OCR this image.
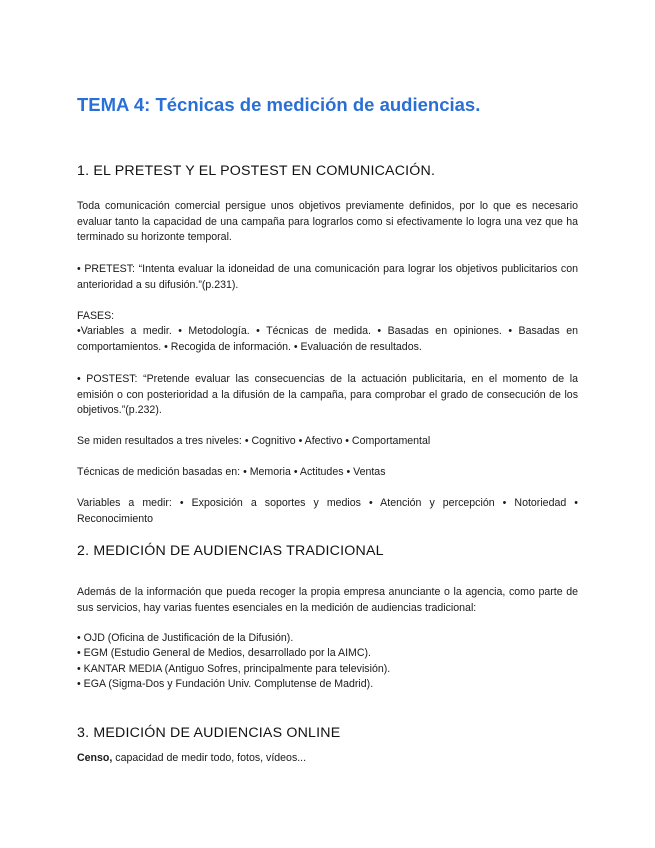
TEMA 4: Técnicas de medición de audiencias.
1. EL PRETEST Y EL POSTEST EN COMUNICACIÓN.

Toda comunicación comercial persigue unos objetivos previamente definidos, por lo que es necesario evaluar tanto la capacidad de una campaña para lograrlos como si efectivamente lo logra una vez que ha terminado su horizonte temporal.

• PRETEST: “Intenta evaluar la idoneidad de una comunicación para lograr los objetivos publicitarios con anterioridad a su difusión.”(p.231).

FASES:

•Variables a medir. • Metodología. • Técnicas de medida. • Basadas en opiniones. • Basadas en comportamientos. • Recogida de información. • Evaluación de resultados.

• POSTEST: “Pretende evaluar las consecuencias de la actuación publicitaria, en el momento de la emisión o con posterioridad a la difusión de la campaña, para comprobar el grado de consecución de los objetivos.”(p.232).

Se miden resultados a tres niveles: • Cognitivo • Afectivo • Comportamental

Técnicas de medición basadas en: • Memoria • Actitudes • Ventas

Variables a medir: • Exposición a soportes y medios • Atención y percepción • Notoriedad • Reconocimiento

2. MEDICIÓN DE AUDIENCIAS TRADICIONAL

Además de la información que pueda recoger la propia empresa anunciante o la agencia, como parte de sus servicios, hay varias fuentes esenciales en la medición de audiencias tradicional:

• OJD (Oficina de Justificación de la Difusión).

• EGM (Estudio General de Medios, desarrollado por la AIMC).

• KANTAR MEDIA (Antiguo Sofres, principalmente para televisión).

• EGA (Sigma-Dos y Fundación Univ. Complutense de Madrid).

3. MEDICIÓN DE AUDIENCIAS ONLINE

Censo, capacidad de medir todo, fotos, vídeos...
